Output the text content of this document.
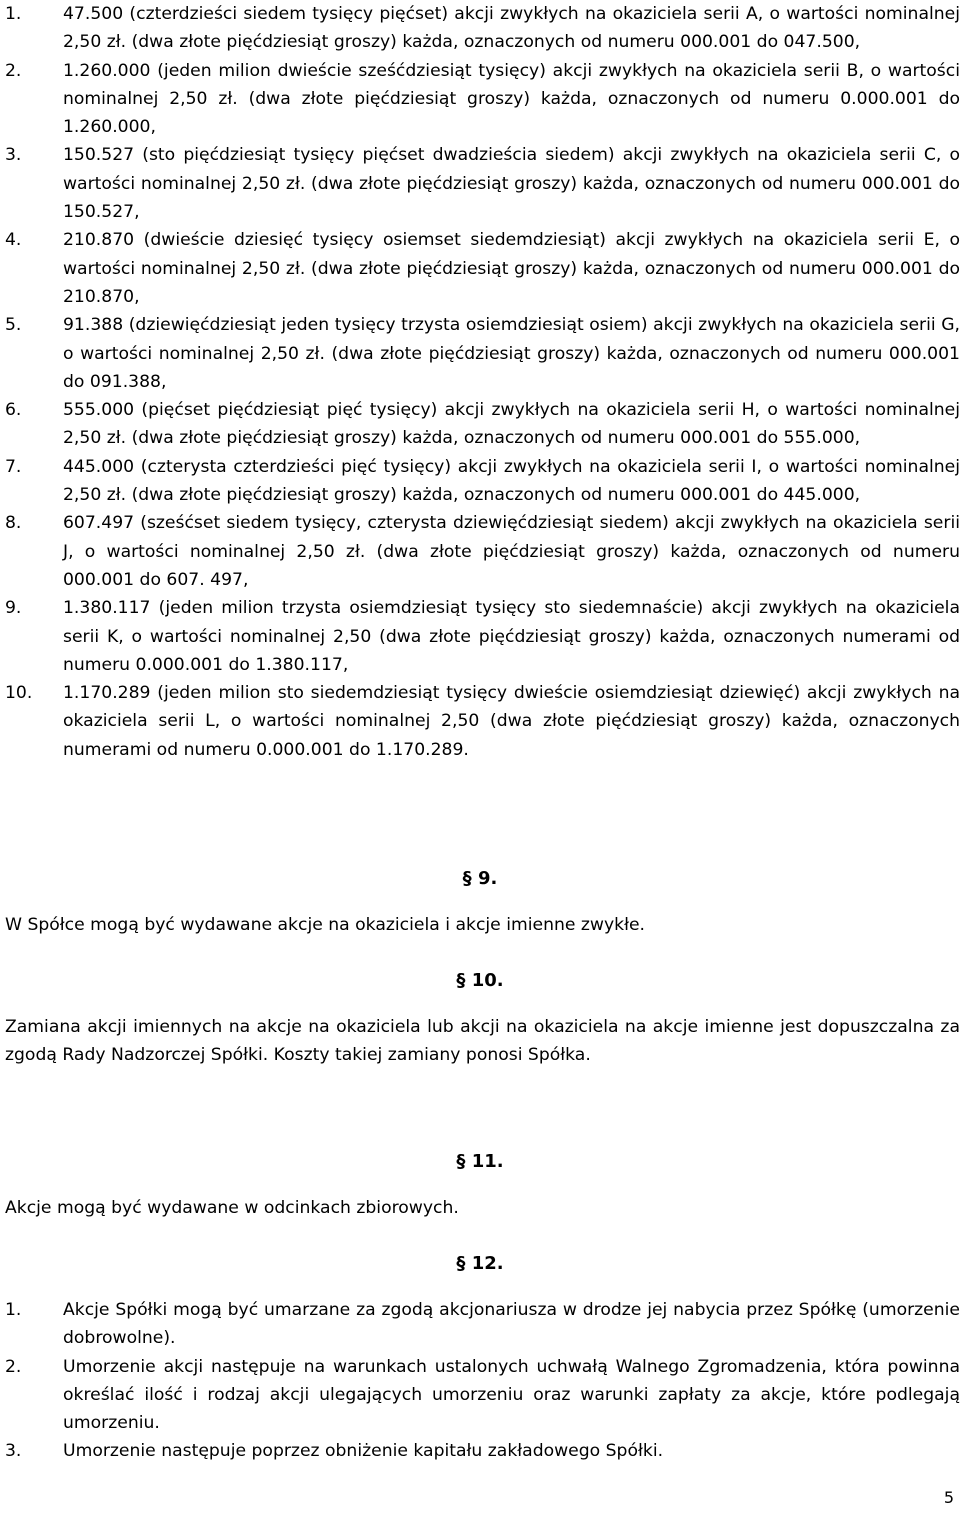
1.	47.500 (czterdzieści siedem tysięcy pięćset) akcji zwykłych na okaziciela serii A, o wartości nominalnej 2,50 zł. (dwa złote pięćdziesiąt groszy) każda, oznaczonych od numeru 000.001 do 047.500,
2.	1.260.000 (jeden milion dwieście sześćdziesiąt tysięcy) akcji zwykłych na okaziciela serii B, o wartości nominalnej 2,50 zł. (dwa złote pięćdziesiąt groszy) każda, oznaczonych od numeru 0.000.001 do 1.260.000,
3.	150.527 (sto pięćdziesiąt tysięcy pięćset dwadzieścia siedem) akcji zwykłych na okaziciela serii C, o wartości nominalnej 2,50 zł. (dwa złote pięćdziesiąt groszy) każda, oznaczonych od numeru 000.001 do 150.527,
4.	210.870 (dwieście dziesięć tysięcy osiemset siedemdziesiąt) akcji zwykłych na okaziciela serii E, o wartości nominalnej 2,50 zł. (dwa złote pięćdziesiąt groszy) każda, oznaczonych od numeru 000.001 do 210.870,
5.	91.388 (dziewięćdziesiąt jeden tysięcy trzysta osiemdziesiąt osiem) akcji zwykłych na okaziciela serii G, o wartości nominalnej 2,50 zł. (dwa złote pięćdziesiąt groszy) każda, oznaczonych od numeru 000.001 do 091.388,
6.	555.000 (pięćset pięćdziesiąt pięć tysięcy) akcji zwykłych na okaziciela serii H, o wartości nominalnej 2,50 zł. (dwa złote pięćdziesiąt groszy) każda, oznaczonych od numeru 000.001 do 555.000,
7.	445.000 (czterysta czterdzieści pięć tysięcy) akcji zwykłych na okaziciela serii I, o wartości nominalnej 2,50 zł. (dwa złote pięćdziesiąt groszy) każda, oznaczonych od numeru 000.001 do 445.000,
8.	607.497 (sześćset siedem tysięcy, czterysta dziewięćdziesiąt siedem) akcji zwykłych na okaziciela serii J, o wartości nominalnej 2,50 zł. (dwa złote pięćdziesiąt groszy) każda, oznaczonych od numeru 000.001 do 607. 497,
9.	1.380.117 (jeden milion trzysta osiemdziesiąt tysięcy sto siedemnaście) akcji zwykłych na okaziciela serii K, o wartości nominalnej 2,50 (dwa złote pięćdziesiąt groszy) każda, oznaczonych numerami od numeru 0.000.001 do 1.380.117,
10.	1.170.289 (jeden milion sto siedemdziesiąt tysięcy dwieście osiemdziesiąt dziewięć) akcji zwykłych na okaziciela serii L, o wartości nominalnej 2,50 (dwa złote pięćdziesiąt groszy) każda, oznaczonych numerami od numeru 0.000.001 do 1.170.289.
§ 9.
W Spółce mogą być wydawane akcje na okaziciela i akcje imienne zwykłe.
§ 10.
Zamiana akcji imiennych na akcje na okaziciela lub akcji na okaziciela na akcje imienne jest dopuszczalna za zgodą Rady Nadzorczej Spółki. Koszty takiej zamiany ponosi Spółka.
§ 11.
Akcje mogą być wydawane w odcinkach zbiorowych.
§ 12.
1.	Akcje Spółki mogą być umarzane za zgodą akcjonariusza w drodze jej nabycia przez Spółkę (umorzenie dobrowolne).
2.	Umorzenie akcji następuje na warunkach ustalonych uchwałą Walnego Zgromadzenia, która powinna określać ilość i rodzaj akcji ulegających umorzeniu oraz warunki zapłaty za akcje, które podlegają umorzeniu.
3.	Umorzenie następuje poprzez obniżenie kapitału zakładowego Spółki.
5
